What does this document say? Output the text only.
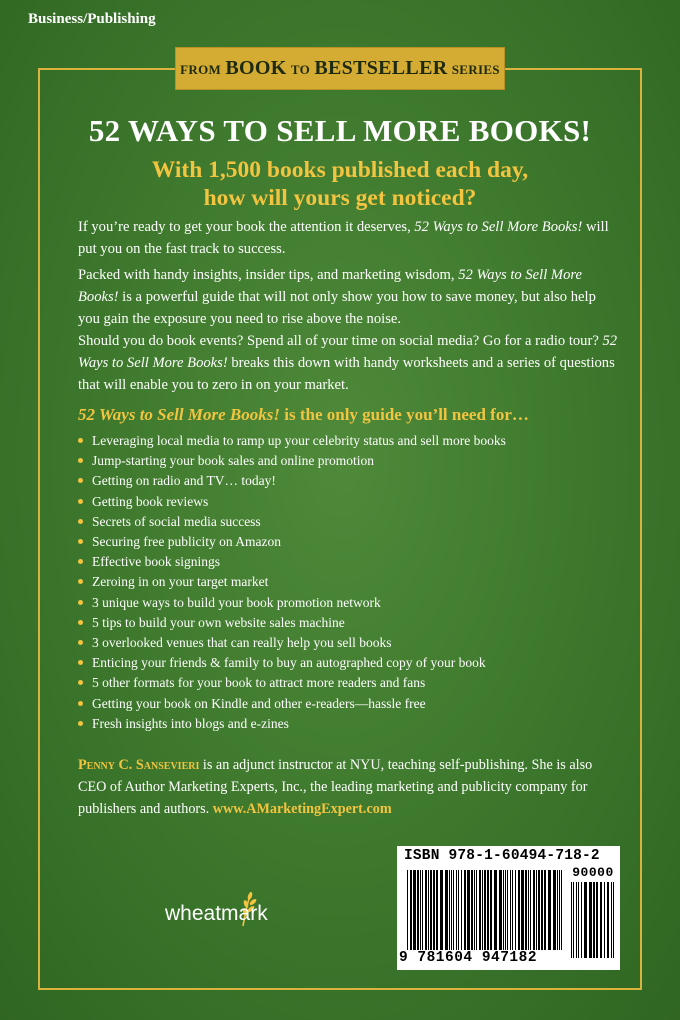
Business/Publishing
FROM BOOK TO BESTSELLER SERIES
52 WAYS TO SELL MORE BOOKS!
With 1,500 books published each day,
how will yours get noticed?
If you’re ready to get your book the attention it deserves, 52 Ways to Sell More Books! will put you on the fast track to success.
Packed with handy insights, insider tips, and marketing wisdom, 52 Ways to Sell More Books! is a powerful guide that will not only show you how to save money, but also help you gain the exposure you need to rise above the noise.
Should you do book events? Spend all of your time on social media? Go for a radio tour? 52 Ways to Sell More Books! breaks this down with handy worksheets and a series of questions that will enable you to zero in on your market.
52 Ways to Sell More Books! is the only guide you’ll need for…
Leveraging local media to ramp up your celebrity status and sell more books
Jump-starting your book sales and online promotion
Getting on radio and TV… today!
Getting book reviews
Secrets of social media success
Securing free publicity on Amazon
Effective book signings
Zeroing in on your target market
3 unique ways to build your book promotion network
5 tips to build your own website sales machine
3 overlooked venues that can really help you sell books
Enticing your friends & family to buy an autographed copy of your book
5 other formats for your book to attract more readers and fans
Getting your book on Kindle and other e-readers—hassle free
Fresh insights into blogs and e-zines
Penny C. Sansevieri is an adjunct instructor at NYU, teaching self-publishing. She is also CEO of Author Marketing Experts, Inc., the leading marketing and publicity company for publishers and authors. www.AMarketingExpert.com
wheatmark
ISBN 978-1-60494-718-2
90000
9 781604 947182
